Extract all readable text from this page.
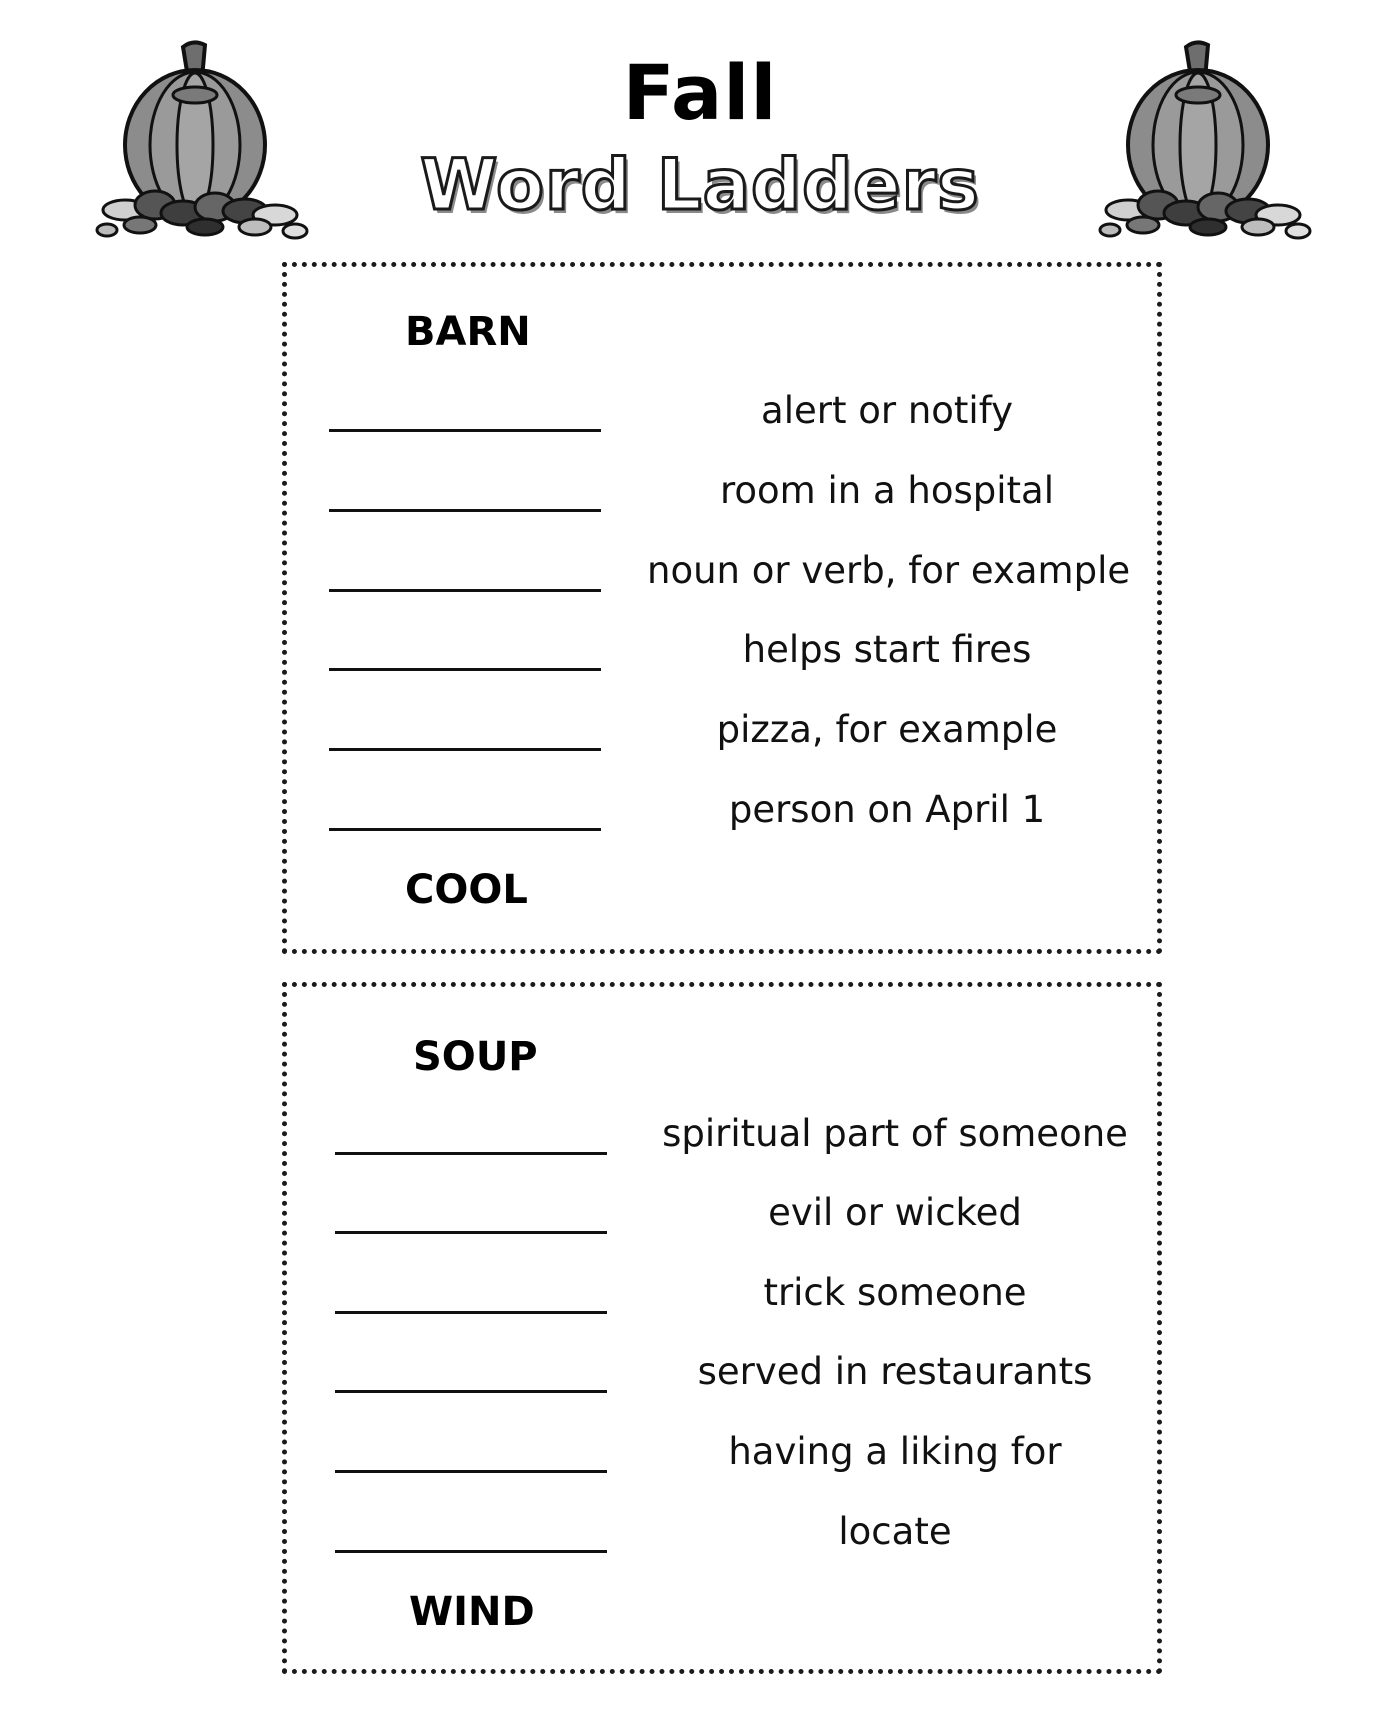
Fall
Word Ladders
BARN
alert or notify
room in a hospital
noun or verb, for example
helps start fires
pizza, for example
person on April 1
COOL
SOUP
spiritual part of someone
evil or wicked
trick someone
served in restaurants
having a liking for
locate
WIND
